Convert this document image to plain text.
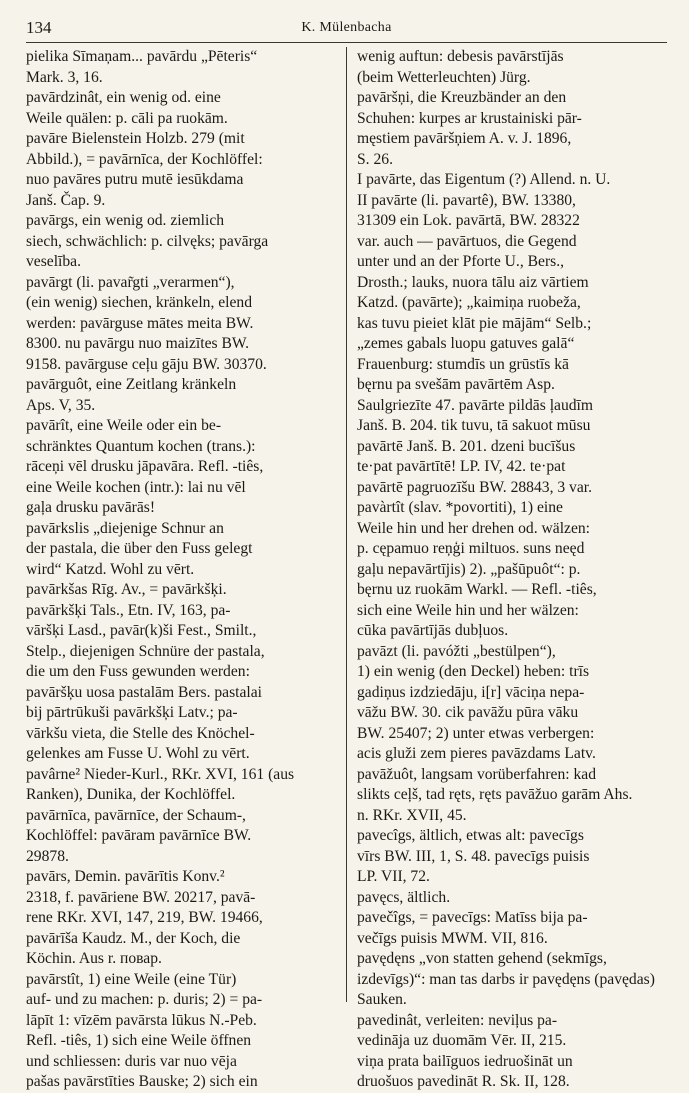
134	K. Mülenbacha
pielika Sīmaņam... pavārdu „Pēteris“
Mark. 3, 16.
pavārdzinât, ein wenig od. eine
Weile quälen: p. cāli pa ruokām.
pavāre Bielenstein Holzb. 279 (mit
Abbild.), = pavārnīca, der Kochlöffel:
nuo pavāres putru mutē iesūkdama
Janš. Čap. 9.
pavārgs, ein wenig od. ziemlich
siech, schwächlich: p. cilvęks; pavārga
veselība.
pavārgt (li. pavar̃gti „verarmen“),
(ein wenig) siechen, kränkeln, elend
werden: pavārguse mātes meita BW.
8300. nu pavārgu nuo maizītes BW.
9158. pavārguse ceļu gāju BW. 30370.
pavārguôt, eine Zeitlang kränkeln
Aps. V, 35.
pavārît, eine Weile oder ein be-
schränktes Quantum kochen (trans.):
rāceņi vēl drusku jāpavāra. Refl. -tiês,
eine Weile kochen (intr.): lai nu vēl
gaļa drusku pavārās!
pavārkslis „diejenige Schnur an
der pastala, die über den Fuss gelegt
wird“ Katzd. Wohl zu vērt.
pavārkšas Rīg. Av., = pavārkšķi.
pavārkšķi Tals., Etn. IV, 163, pa-
vāršķi Lasd., pavār(k)ši Fest., Smilt.,
Stelp., diejenigen Schnüre der pastala,
die um den Fuss gewunden werden:
pavāršķu uosa pastalām Bers. pastalai
bij pārtrūkuši pavārkšķi Latv.; pa-
vārkšu vieta, die Stelle des Knöchel-
gelenkes am Fusse U. Wohl zu vērt.
pavârne² Nieder-Kurl., RKr. XVI, 161 (aus
Ranken), Dunika, der Kochlöffel.
pavārnīca, pavārnīce, der Schaum-,
Kochlöffel: pavāram pavārnīce BW.
29878.
pavārs, Demin. pavārītis Konv.²
2318, f. pavāriene BW. 20217, pavā-
rene RKr. XVI, 147, 219, BW. 19466,
pavārīša Kaudz. M., der Koch, die
Köchin. Aus r. повар.
pavārstît, 1) eine Weile (eine Tür)
auf- und zu machen: p. duris; 2) = pa-
lāpīt 1: vīzēm pavārsta lūkus N.-Peb.
Refl. -tiês, 1) sich eine Weile öffnen
und schliessen: duris var nuo vēja
pašas pavārstīties Bauske; 2) sich ein
wenig auftun: debesis pavārstījās
(beim Wetterleuchten) Jürg.
pavāršņi, die Kreuzbänder an den
Schuhen: kurpes ar krustainiski pār-
męstiem pavāršņiem A. v. J. 1896,
S. 26.
I pavārte, das Eigentum (?) Allend. n. U.
II pavārte (li. pavartê), BW. 13380,
31309 ein Lok. pavārtā, BW. 28322
var. auch — pavārtuos, die Gegend
unter und an der Pforte U., Bers.,
Drosth.; lauks, nuora tālu aiz vārtiem
Katzd. (pavārte); „kaimiņa ruobeža,
kas tuvu pieiet klāt pie mājām“ Selb.;
„zemes gabals luopu gatuves galā“
Frauenburg: stumdīs un grūstīs kā
bęrnu pa svešām pavārtēm Asp.
Saulgriezīte 47. pavārte pildās ļaudīm
Janš. B. 204. tik tuvu, tā sakuot mūsu
pavārtē Janš. B. 201. dzeni bucīšus
te·pat pavārtītē! LP. IV, 42. te·pat
pavārtē pagruozīšu BW. 28843, 3 var.
pavàrtît (slav. *povortiti), 1) eine
Weile hin und her drehen od. wälzen:
p. cępamuo reņģi miltuos. suns neęd
gaļu nepavārtījis) 2). „pašūpuôt“: p.
bęrnu uz ruokām Warkl. — Refl. -tiês,
sich eine Weile hin und her wälzen:
cūka pavārtījās dubļuos.
pavāzt (li. pavóžti „bestülpen“),
1) ein wenig (den Deckel) heben: trīs
gadiņus izdziedāju, i[r] vāciņa nepa-
vāžu BW. 30. cik pavāžu pūra vāku
BW. 25407; 2) unter etwas verbergen:
acis gluži zem pieres pavāzdams Latv.
pavāžuôt, langsam vorüberfahren: kad
slikts ceļš, tad ręts, ręts pavāžuo garām Ahs.
n. RKr. XVII, 45.
pavecîgs, ältlich, etwas alt: pavecīgs
vīrs BW. III, 1, S. 48. pavecīgs puisis
LP. VII, 72.
pavęcs, ältlich.
pavečîgs, = pavecīgs: Matīss bija pa-
večīgs puisis MWM. VII, 816.
pavędęns „von statten gehend (sekmīgs,
izdevīgs)“: man tas darbs ir pavędęns (pavędas)
Sauken.
pavedinât, verleiten: neviļus pa-
vedināja uz duomām Vēr. II, 215.
viņa prata bailīguos iedruošināt un
druošuos pavedināt R. Sk. II, 128.
